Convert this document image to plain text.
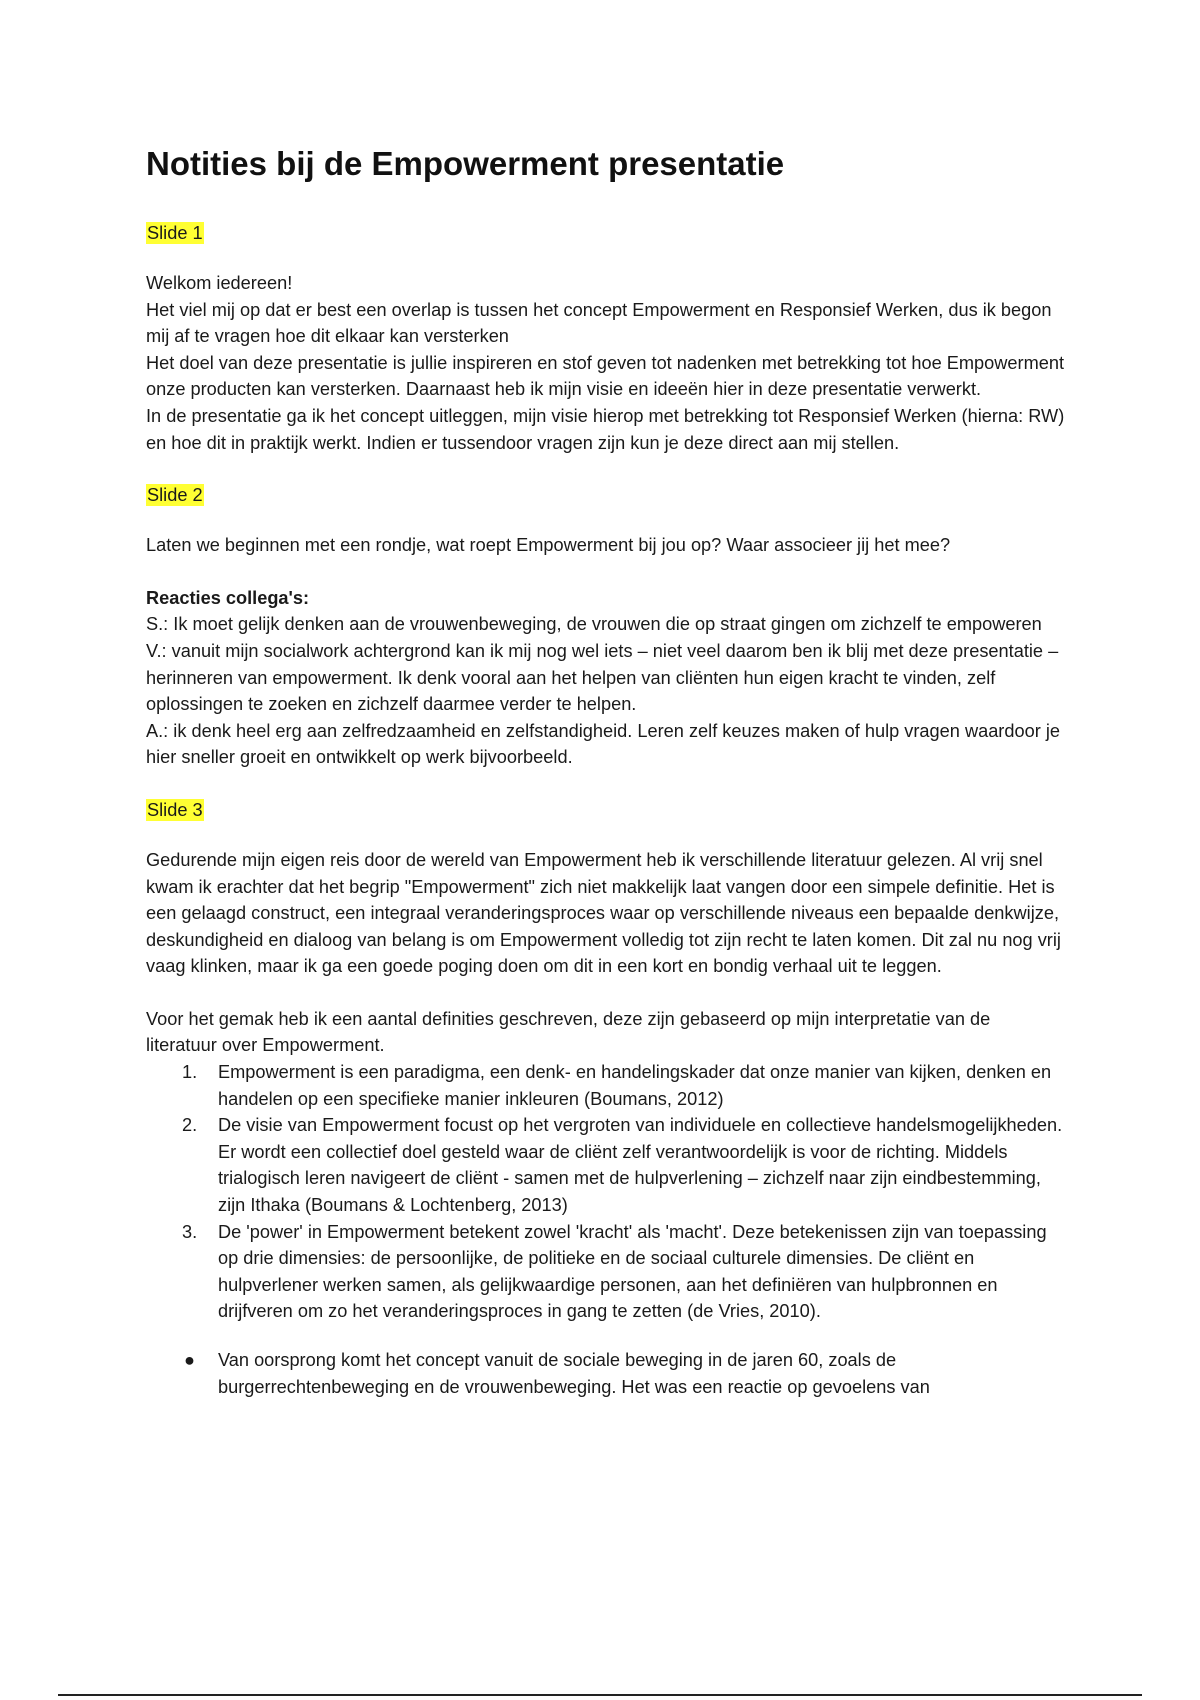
Notities bij de Empowerment presentatie

Slide 1

Welkom iedereen!

Het viel mij op dat er best een overlap is tussen het concept Empowerment en Responsief Werken, dus ik begon mij af te vragen hoe dit elkaar kan versterken

Het doel van deze presentatie is jullie inspireren en stof geven tot nadenken met betrekking tot hoe Empowerment onze producten kan versterken. Daarnaast heb ik mijn visie en ideeën hier in deze presentatie verwerkt.

In de presentatie ga ik het concept uitleggen, mijn visie hierop met betrekking tot Responsief Werken (hierna: RW) en hoe dit in praktijk werkt. Indien er tussendoor vragen zijn kun je deze direct aan mij stellen.

Slide 2

Laten we beginnen met een rondje, wat roept Empowerment bij jou op? Waar associeer jij het mee?

Reacties collega's:

S.: Ik moet gelijk denken aan de vrouwenbeweging, de vrouwen die op straat gingen om zichzelf te empoweren

V.: vanuit mijn socialwork achtergrond kan ik mij nog wel iets – niet veel daarom ben ik blij met deze presentatie – herinneren van empowerment. Ik denk vooral aan het helpen van cliënten hun eigen kracht te vinden, zelf oplossingen te zoeken en zichzelf daarmee verder te helpen.

A.: ik denk heel erg aan zelfredzaamheid en zelfstandigheid. Leren zelf keuzes maken of hulp vragen waardoor je hier sneller groeit en ontwikkelt op werk bijvoorbeeld.

Slide 3

Gedurende mijn eigen reis door de wereld van Empowerment heb ik verschillende literatuur gelezen. Al vrij snel kwam ik erachter dat het begrip "Empowerment" zich niet makkelijk laat vangen door een simpele definitie. Het is een gelaagd construct, een integraal veranderingsproces waar op verschillende niveaus een bepaalde denkwijze, deskundigheid en dialoog van belang is om Empowerment volledig tot zijn recht te laten komen. Dit zal nu nog vrij vaag klinken, maar ik ga een goede poging doen om dit in een kort en bondig verhaal uit te leggen.

Voor het gemak heb ik een aantal definities geschreven, deze zijn gebaseerd op mijn interpretatie van de literatuur over Empowerment.

1. Empowerment is een paradigma, een denk- en handelingskader dat onze manier van kijken, denken en handelen op een specifieke manier inkleuren (Boumans, 2012)
2. De visie van Empowerment focust op het vergroten van individuele en collectieve handelsmogelijkheden. Er wordt een collectief doel gesteld waar de cliënt zelf verantwoordelijk is voor de richting. Middels trialogisch leren navigeert de cliënt - samen met de hulpverlening – zichzelf naar zijn eindbestemming, zijn Ithaka (Boumans & Lochtenberg, 2013)
3. De 'power' in Empowerment betekent zowel 'kracht' als 'macht'. Deze betekenissen zijn van toepassing op drie dimensies: de persoonlijke, de politieke en de sociaal culturele dimensies. De cliënt en hulpverlener werken samen, als gelijkwaardige personen, aan het definiëren van hulpbronnen en drijfveren om zo het veranderingsproces in gang te zetten (de Vries, 2010).
● Van oorsprong komt het concept vanuit de sociale beweging in de jaren 60, zoals de burgerrechtenbeweging en de vrouwenbeweging. Het was een reactie op gevoelens van
